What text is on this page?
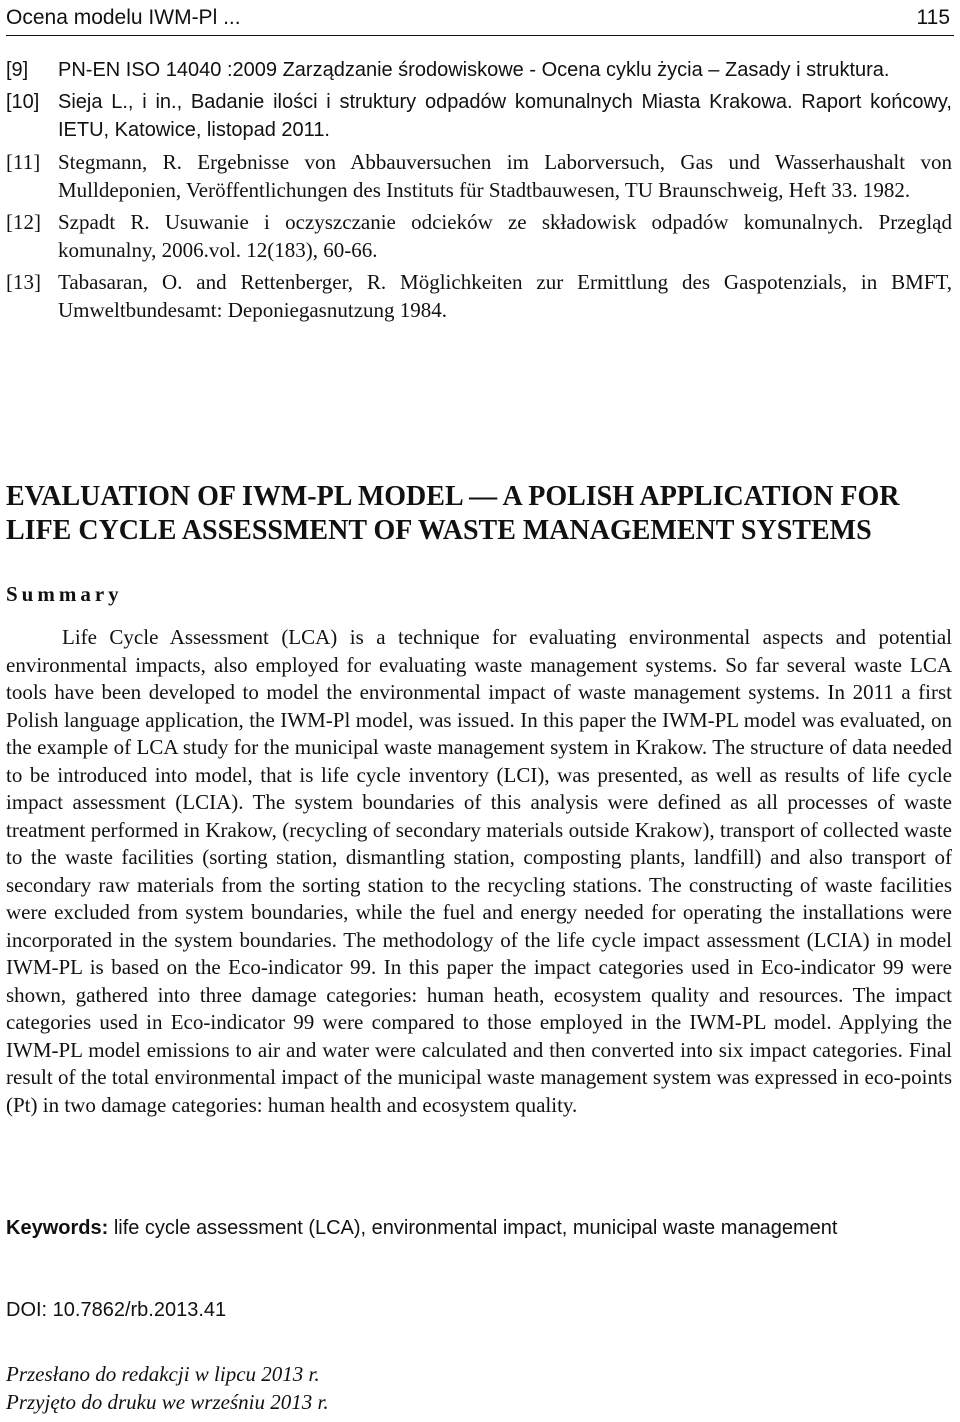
Ocena modelu IWM-Pl ...	115
[9] PN-EN ISO 14040 :2009 Zarządzanie środowiskowe - Ocena cyklu życia – Zasady i struktura.
[10] Sieja L., i in., Badanie ilości i struktury odpadów komunalnych Miasta Krakowa. Raport końcowy, IETU, Katowice, listopad 2011.
[11] Stegmann, R. Ergebnisse von Abbauversuchen im Laborversuch, Gas und Wasserhaushalt von Mulldeponien, Veröffentlichungen des Instituts für Stadtbauwesen, TU Braunschweig, Heft 33. 1982.
[12] Szpadt R. Usuwanie i oczyszczanie odcieków ze składowisk odpadów komunalnych. Przegląd komunalny, 2006.vol. 12(183), 60-66.
[13] Tabasaran, O. and Rettenberger, R. Möglichkeiten zur Ermittlung des Gaspotenzials, in BMFT, Umweltbundesamt: Deponiegasnutzung 1984.
EVALUATION OF IWM-PL MODEL — A POLISH APPLICATION FOR LIFE CYCLE ASSESSMENT OF WASTE MANAGEMENT SYSTEMS
Summary

Life Cycle Assessment (LCA) is a technique for evaluating environmental aspects and potential environmental impacts, also employed for evaluating waste management systems. So far several waste LCA tools have been developed to model the environmental impact of waste management systems. In 2011 a first Polish language application, the IWM-Pl model, was issued. In this paper the IWM-PL model was evaluated, on the example of LCA study for the municipal waste management system in Krakow. The structure of data needed to be introduced into model, that is life cycle inventory (LCI), was presented, as well as results of life cycle impact assessment (LCIA). The system boundaries of this analysis were defined as all processes of waste treatment performed in Krakow, (recycling of secondary materials outside Krakow), transport of collected waste to the waste facilities (sorting station, dismantling station, composting plants, landfill) and also transport of secondary raw materials from the sorting station to the recycling stations. The constructing of waste facilities were excluded from system boundaries, while the fuel and energy needed for operating the installations were incorporated in the system boundaries. The methodology of the life cycle impact assessment (LCIA) in model IWM-PL is based on the Eco-indicator 99. In this paper the impact categories used in Eco-indicator 99 were shown, gathered into three damage categories: human heath, ecosystem quality and resources. The impact categories used in Eco-indicator 99 were compared to those employed in the IWM-PL model. Applying the IWM-PL model emissions to air and water were calculated and then converted into six impact categories. Final result of the total environmental impact of the municipal waste management system was expressed in eco-points (Pt) in two damage categories: human health and ecosystem quality.

Keywords: life cycle assessment (LCA), environmental impact, municipal waste management

DOI: 10.7862/rb.2013.41

Przesłano do redakcji w lipcu 2013 r.
Przyjęto do druku we wrześniu 2013 r.
